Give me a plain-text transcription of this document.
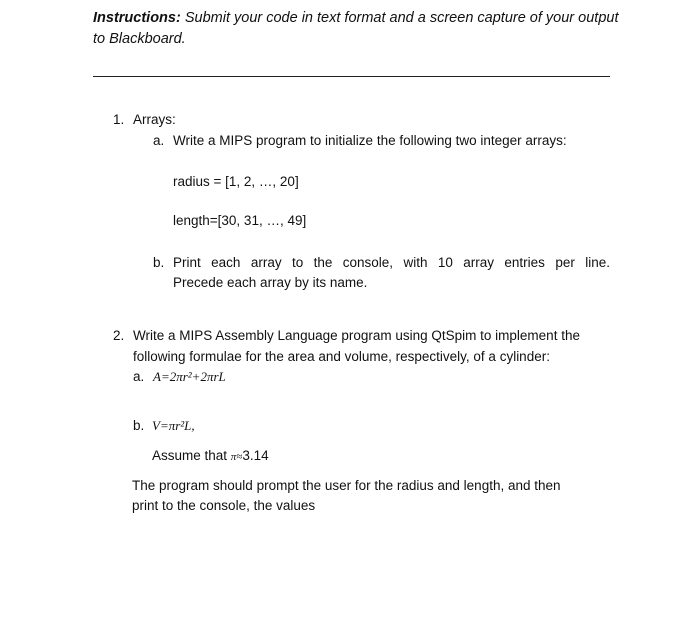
Instructions: Submit your code in text format and a screen capture of your output to Blackboard.
1. Arrays:
a. Write a MIPS program to initialize the following two integer arrays:
radius = [1, 2, …, 20]
length=[30, 31, …, 49]
b. Print each array to the console, with 10 array entries per line.
Precede each array by its name.
2. Write a MIPS Assembly Language program using QtSpim to implement the
following formulae for the area and volume, respectively, of a cylinder:
a. A=2πr²+2πrL
b. V=πr²L,
Assume that π≈3.14
The program should prompt the user for the radius and length, and then
print to the console, the values
